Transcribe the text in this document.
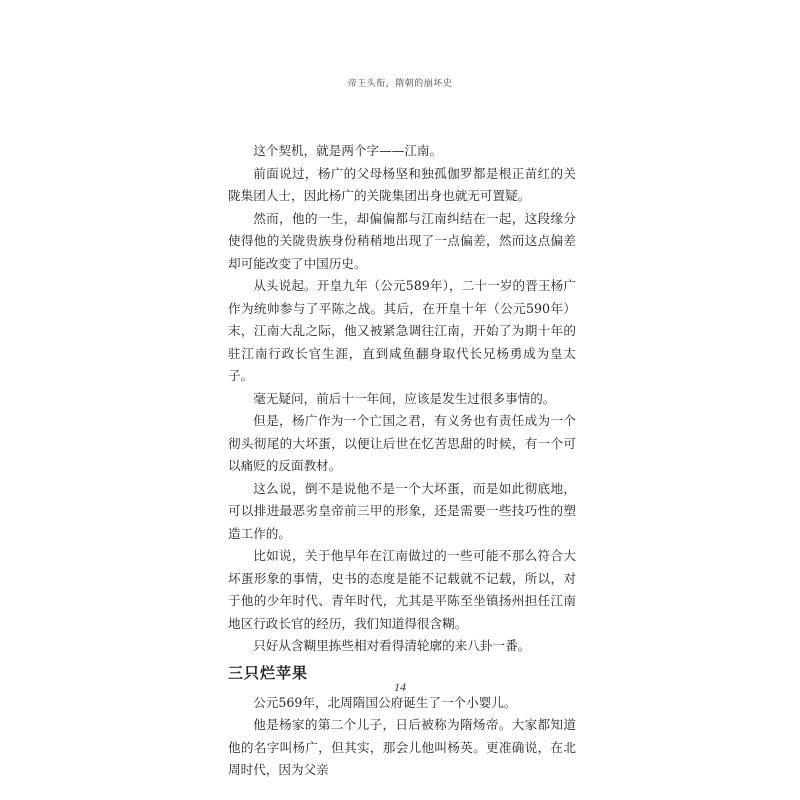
帝王头衔，隋朝的崩坏史

这个契机，就是两个字——江南。

前面说过，杨广的父母杨坚和独孤伽罗都是根正苗红的关陇集团人士，因此杨广的关陇集团出身也就无可置疑。

然而，他的一生，却偏偏都与江南纠结在一起，这段缘分使得他的关陇贵族身份稍稍地出现了一点偏差，然而这点偏差却可能改变了中国历史。

从头说起。开皇九年（公元589年），二十一岁的晋王杨广作为统帅参与了平陈之战。其后，在开皇十年（公元590年）末，江南大乱之际，他又被紧急调往江南，开始了为期十年的驻江南行政长官生涯，直到咸鱼翻身取代长兄杨勇成为皇太子。

毫无疑问，前后十一年间，应该是发生过很多事情的。

但是，杨广作为一个亡国之君，有义务也有责任成为一个彻头彻尾的大坏蛋，以便让后世在忆苦思甜的时候，有一个可以痛贬的反面教材。

这么说，倒不是说他不是一个大坏蛋，而是如此彻底地，可以排进最恶劣皇帝前三甲的形象，还是需要一些技巧性的塑造工作的。

比如说，关于他早年在江南做过的一些可能不那么符合大坏蛋形象的事情，史书的态度是能不记载就不记载，所以，对于他的少年时代、青年时代，尤其是平陈至坐镇扬州担任江南地区行政长官的经历，我们知道得很含糊。

只好从含糊里拣些相对看得清轮廓的来八卦一番。

三只烂苹果

公元569年，北周隋国公府诞生了一个小婴儿。

他是杨家的第二个儿子，日后被称为隋炀帝。大家都知道他的名字叫杨广，但其实，那会儿他叫杨英。更准确说，在北周时代，因为父亲

14
